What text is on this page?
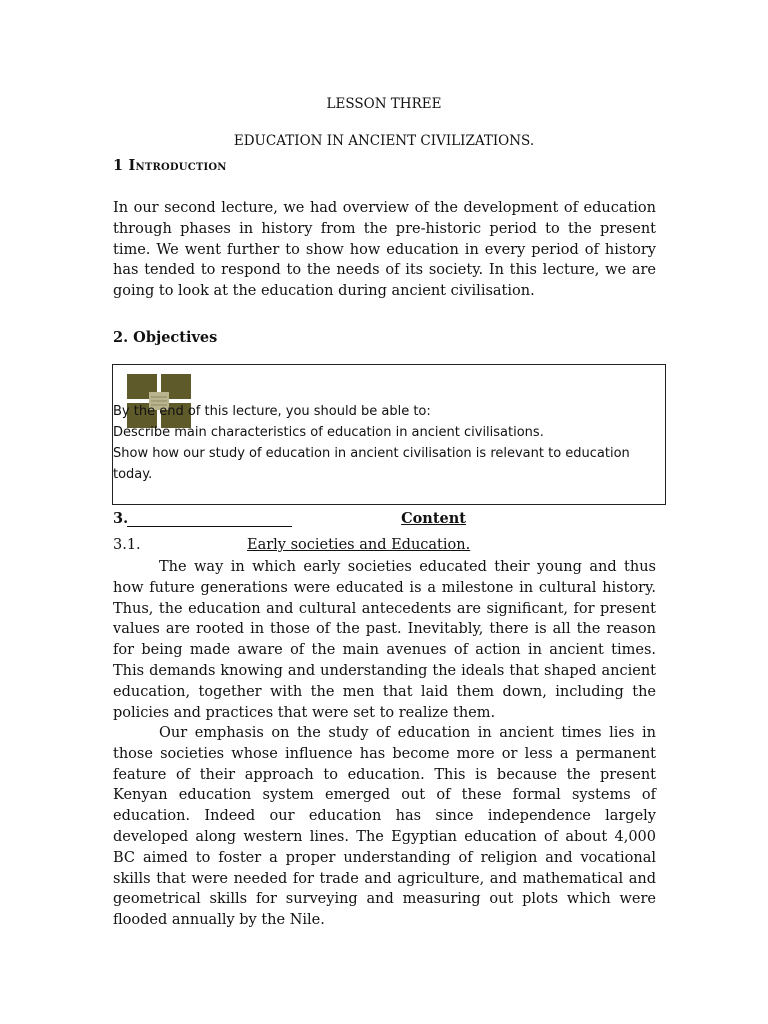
LESSON THREE
EDUCATION IN ANCIENT CIVILIZATIONS.
1 Introduction

In our second lecture, we had overview of the development of education through phases in history from the pre-historic period to the present time. We went further to show how education in every period of history has tended to respond to the needs of its society. In this lecture, we are going to look at the education during ancient civilisation.

2. Objectives
By the end of this lecture, you should be able to:
Describe main characteristics of education in ancient civilisations.
Show how our study of education in ancient civilisation is relevant to education today.
3.	Content
3.1.	Early societies and Education.

The way in which early societies educated their young and thus how future generations were educated is a milestone in cultural history. Thus, the education and cultural antecedents are significant, for present values are rooted in those of the past. Inevitably, there is all the reason for being made aware of the main avenues of action in ancient times. This demands knowing and understanding the ideals that shaped ancient education, together with the men that laid them down, including the policies and practices that were set to realize them.

Our emphasis on the study of education in ancient times lies in those societies whose influence has become more or less a permanent feature of their approach to education. This is because the present Kenyan education system emerged out of these formal systems of education. Indeed our education has since independence largely developed along western lines. The Egyptian education of about 4,000 BC aimed to foster a proper understanding of religion and vocational skills that were needed for trade and agriculture, and mathematical and geometrical skills for surveying and measuring out plots which were flooded annually by the Nile.
